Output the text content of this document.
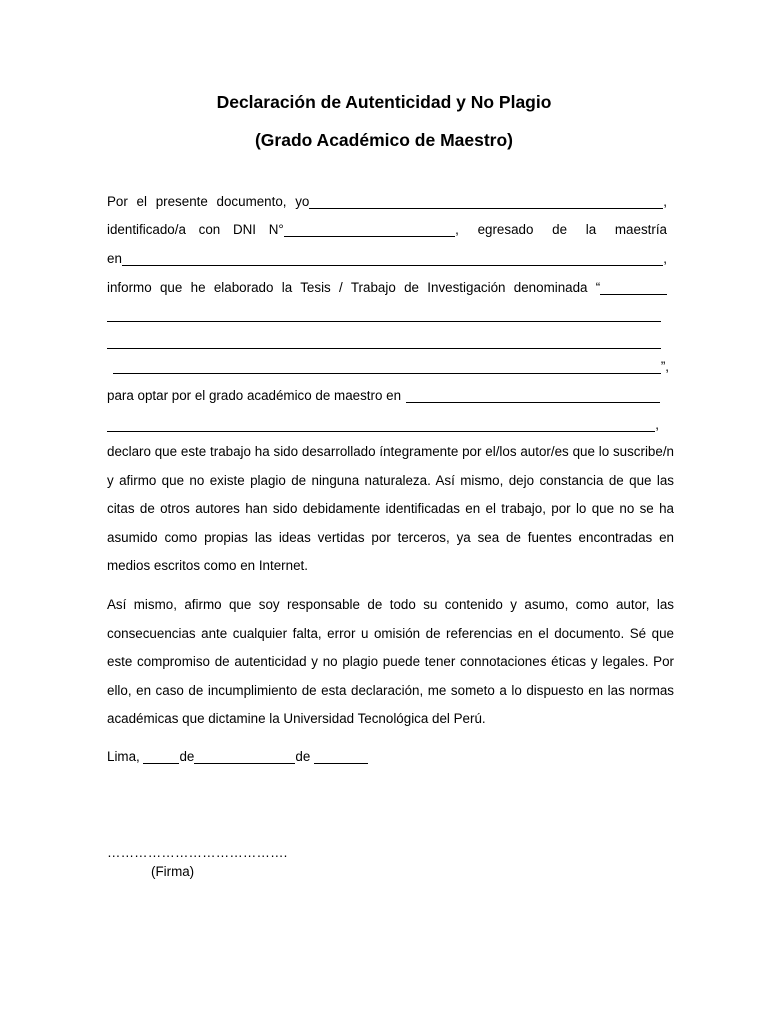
Declaración de Autenticidad y No Plagio
(Grado Académico de Maestro)
Por el presente documento, yo	,
identificado/a con DNI N°	, egresado de la maestría
en	,
informo que he elaborado la Tesis / Trabajo de Investigación denominada “
”,
para optar por el grado académico de maestro en
,

declaro que este trabajo ha sido desarrollado íntegramente por el/los autor/es que lo suscribe/n y afirmo que no existe plagio de ninguna naturaleza. Así mismo, dejo constancia de que las citas de otros autores han sido debidamente identificadas en el trabajo, por lo que no se ha asumido como propias las ideas vertidas por terceros, ya sea de fuentes encontradas en medios escritos como en Internet.

Así mismo, afirmo que soy responsable de todo su contenido y asumo, como autor, las consecuencias ante cualquier falta, error u omisión de referencias en el documento. Sé que este compromiso de autenticidad y no plagio puede tener connotaciones éticas y legales. Por ello, en caso de incumplimiento de esta declaración, me someto a lo dispuesto en las normas académicas que dictamine la Universidad Tecnológica del Perú.

Lima,	de	de
………………………………….
(Firma)
